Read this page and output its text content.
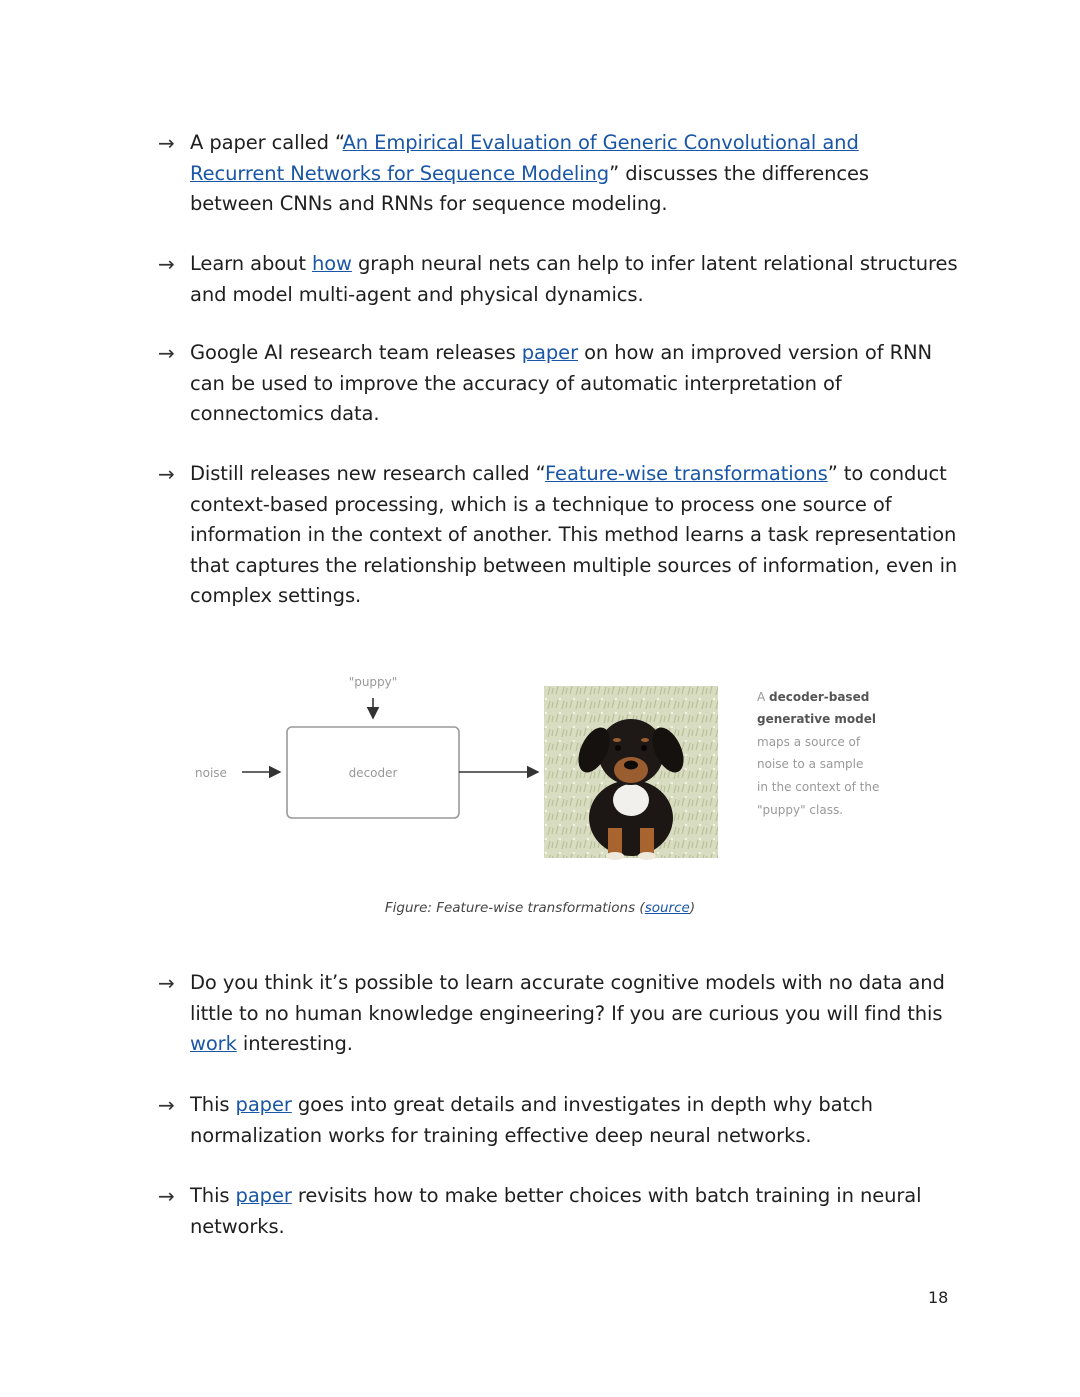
→ A paper called “An Empirical Evaluation of Generic Convolutional and Recurrent Networks for Sequence Modeling” discusses the differences between CNNs and RNNs for sequence modeling.
→ Learn about how graph neural nets can help to infer latent relational structures and model multi-agent and physical dynamics.
→ Google AI research team releases paper on how an improved version of RNN can be used to improve the accuracy of automatic interpretation of connectomics data.
→ Distill releases new research called “Feature-wise transformations” to conduct context-based processing, which is a technique to process one source of information in the context of another. This method learns a task representation that captures the relationship between multiple sources of information, even in complex settings.
"puppy"
noise	decoder
A decoder-based generative model maps a source of noise to a sample in the context of the "puppy" class.
Figure: Feature-wise transformations (source)
→ Do you think it’s possible to learn accurate cognitive models with no data and little to no human knowledge engineering? If you are curious you will find this work interesting.
→ This paper goes into great details and investigates in depth why batch normalization works for training effective deep neural networks.
→ This paper revisits how to make better choices with batch training in neural networks.
18
